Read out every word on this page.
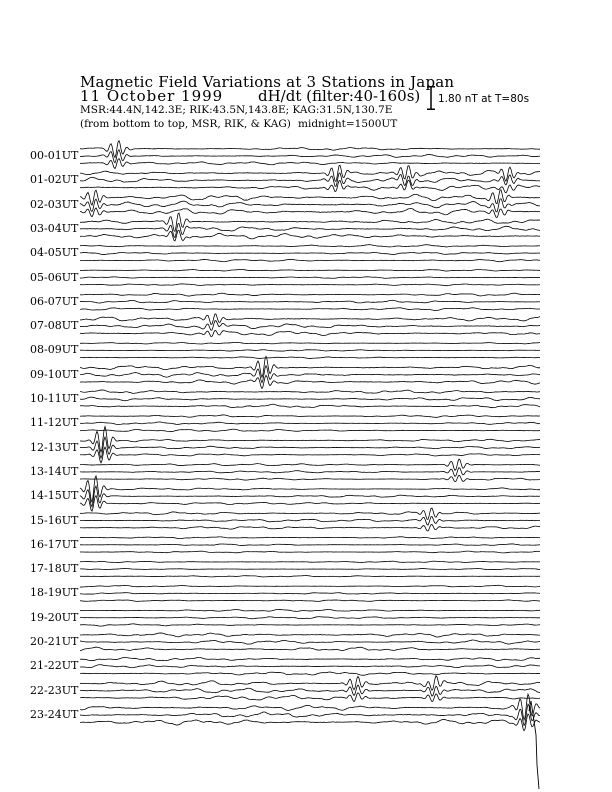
Magnetic Field Variations at 3 Stations in Japan
11 October 1999 dH/dt (filter:40-160s)
MSR:44.4N,142.3E; RIK:43.5N,143.8E; KAG:31.5N,130.7E
(from bottom to top, MSR, RIK, & KAG) midnight=1500UT
1.80 nT at T=80s
00-01UT
01-02UT
02-03UT
03-04UT
04-05UT
05-06UT
06-07UT
07-08UT
08-09UT
09-10UT
10-11UT
11-12UT
12-13UT
13-14UT
14-15UT
15-16UT
16-17UT
17-18UT
18-19UT
19-20UT
20-21UT
21-22UT
22-23UT
23-24UT
